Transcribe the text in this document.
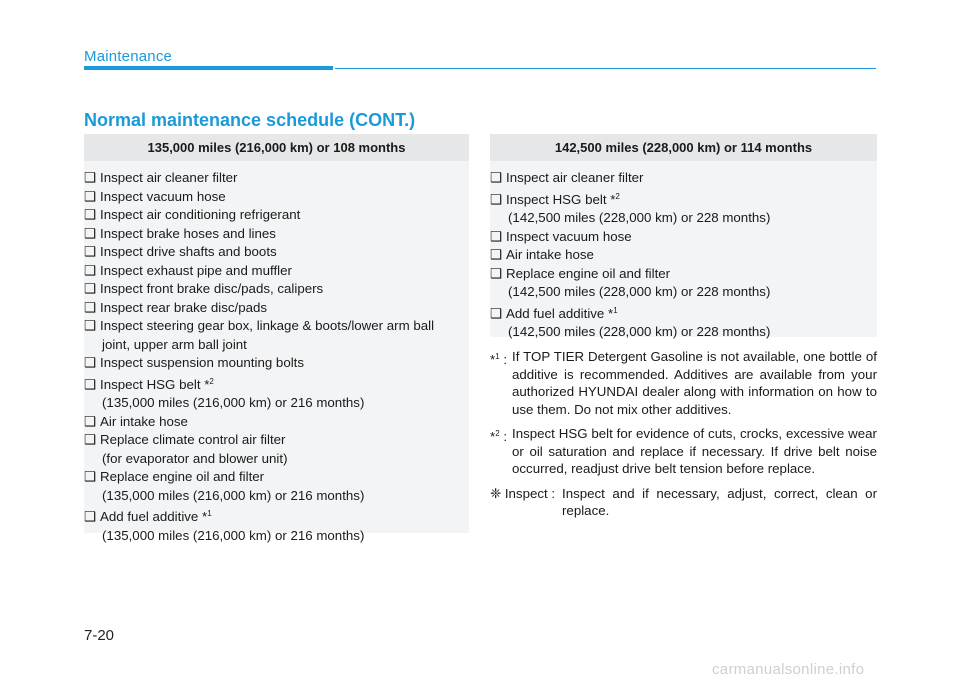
Maintenance
Normal maintenance schedule (CONT.)
135,000 miles (216,000 km) or 108 months
❑ Inspect air cleaner filter
❑ Inspect vacuum hose
❑ Inspect air conditioning refrigerant
❑ Inspect brake hoses and lines
❑ Inspect drive shafts and boots
❑ Inspect exhaust pipe and muffler
❑ Inspect front brake disc/pads, calipers
❑ Inspect rear brake disc/pads
❑ Inspect steering gear box, linkage & boots/lower arm ball
joint, upper arm ball joint
❑ Inspect suspension mounting bolts
❑ Inspect HSG belt *$^2$
(135,000 miles (216,000 km) or 216 months)
❑ Air intake hose
❑ Replace climate control air filter
(for evaporator and blower unit)
❑ Replace engine oil and filter
(135,000 miles (216,000 km) or 216 months)
❑ Add fuel additive *$^1$
(135,000 miles (216,000 km) or 216 months)
142,500 miles (228,000 km) or 114 months
❑ Inspect air cleaner filter
❑ Inspect HSG belt *$^2$
(142,500 miles (228,000 km) or 228 months)
❑ Inspect vacuum hose
❑ Air intake hose
❑ Replace engine oil and filter
(142,500 miles (228,000 km) or 228 months)
❑ Add fuel additive *$^1$
(142,500 miles (228,000 km) or 228 months)
*$^1$ : If TOP TIER Detergent Gasoline is not available, one bottle of additive is recommended. Additives are available from your authorized HYUNDAI dealer along with information on how to use them. Do not mix other additives.
*$^2$ : Inspect HSG belt for evidence of cuts, crocks, excessive wear or oil saturation and replace if necessary. If drive belt noise occurred, readjust drive belt tension before replace.
❈ Inspect : Inspect and if necessary, adjust, correct, clean or replace.
7-20
carmanualsonline.info
